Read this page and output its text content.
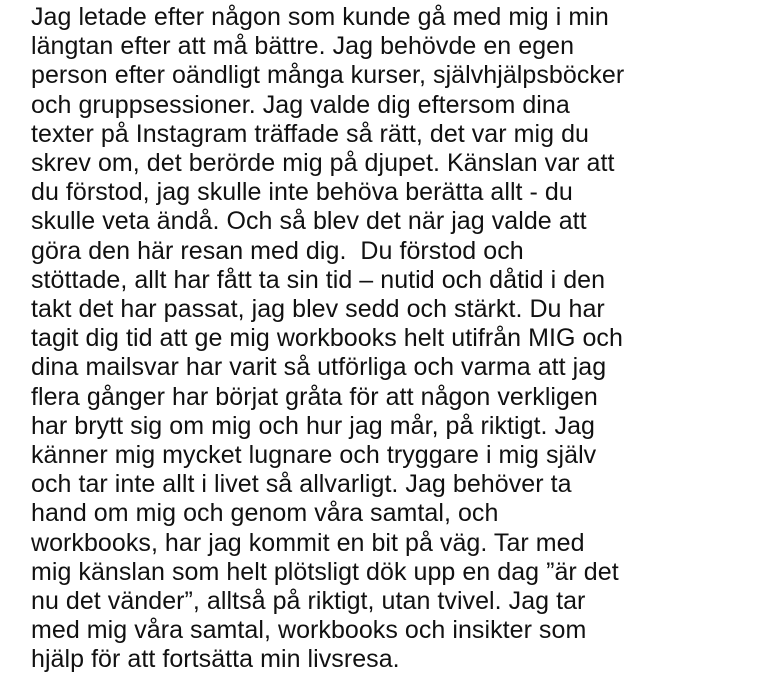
Jag letade efter någon som kunde gå med mig i min
längtan efter att må bättre. Jag behövde en egen
person efter oändligt många kurser, självhjälpsböcker
och gruppsessioner. Jag valde dig eftersom dina
texter på Instagram träffade så rätt, det var mig du
skrev om, det berörde mig på djupet. Känslan var att
du förstod, jag skulle inte behöva berätta allt - du
skulle veta ändå. Och så blev det när jag valde att
göra den här resan med dig.  Du förstod och
stöttade, allt har fått ta sin tid – nutid och dåtid i den
takt det har passat, jag blev sedd och stärkt. Du har
tagit dig tid att ge mig workbooks helt utifrån MIG och
dina mailsvar har varit så utförliga och varma att jag
flera gånger har börjat gråta för att någon verkligen
har brytt sig om mig och hur jag mår, på riktigt. Jag
känner mig mycket lugnare och tryggare i mig själv
och tar inte allt i livet så allvarligt. Jag behöver ta
hand om mig och genom våra samtal, och
workbooks, har jag kommit en bit på väg. Tar med
mig känslan som helt plötsligt dök upp en dag ”är det
nu det vänder”, alltså på riktigt, utan tvivel. Jag tar
med mig våra samtal, workbooks och insikter som
hjälp för att fortsätta min livsresa.
